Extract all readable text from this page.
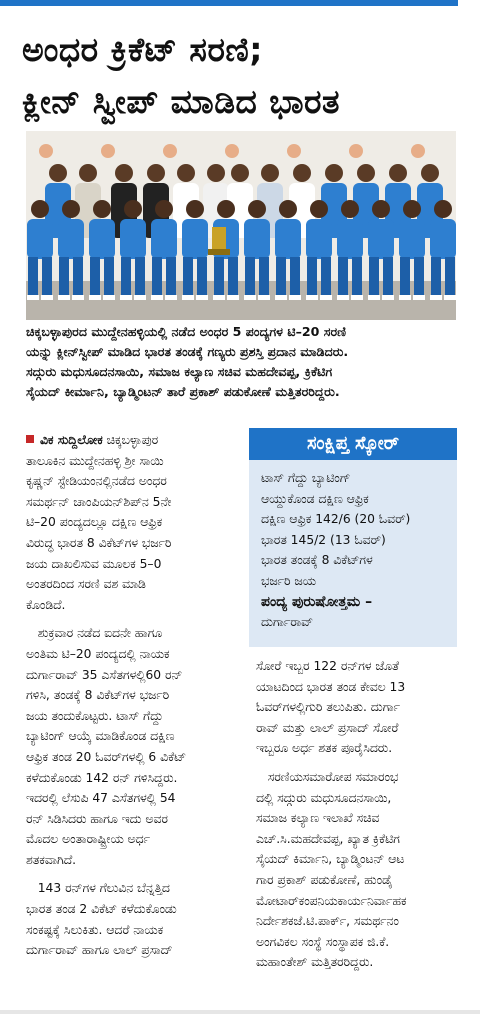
ಅಂಧರ ಕ್ರಿಕೆಟ್ ಸರಣಿ;
ಕ್ಲೀನ್ ಸ್ವೀಪ್ ಮಾಡಿದ ಭಾರತ
ಚಿಕ್ಕಬಳ್ಳಾಪುರದ ಮುದ್ದೇನಹಳ್ಳಿಯಲ್ಲಿ ನಡೆದ ಅಂಧರ 5 ಪಂದ್ಯಗಳ ಟಿ–20 ಸರಣಿ
ಯನ್ನು ಕ್ಲೀನ್‌ಸ್ವೀಪ್ ಮಾಡಿದ ಭಾರತ ತಂಡಕ್ಕೆ ಗಣ್ಯರು ಪ್ರಶಸ್ತಿ ಪ್ರದಾನ ಮಾಡಿದರು.
ಸದ್ಗುರು ಮಧುಸೂದನಸಾಯಿ, ಸಮಾಜ ಕಲ್ಯಾಣ ಸಚಿವ ಮಹದೇವಪ್ಪ, ಕ್ರಿಕೆಟಿಗ
ಸೈಯದ್ ಕೀರ್ಮಾನಿ, ಬ್ಯಾಡ್ಮಿಂಟನ್ ತಾರೆ ಪ್ರಕಾಶ್ ಪಡುಕೋಣೆ ಮತ್ತಿತರರಿದ್ದರು.

ವಿಕ ಸುದ್ದಿಲೋಕ ಚಿಕ್ಕಬಳ್ಳಾಪುರ
ತಾಲೂಕಿನ ಮುದ್ದೇನಹಳ್ಳಿ ಶ್ರೀ ಸಾಯಿ
ಕೃಷ್ಣನ್ ಸ್ಟೇಡಿಯಂನಲ್ಲಿನಡೆದ ಅಂಧರ
ಸಮರ್ಥನ್ ಚಾಂಪಿಯನ್‌ಶಿಪ್‌ನ 5ನೇ
ಟಿ–20 ಪಂದ್ಯದಲ್ಲೂ ದಕ್ಷಿಣ ಆಫ್ರಿಕ
ವಿರುದ್ಧ ಭಾರತ 8 ವಿಕೆಟ್‌ಗಳ ಭರ್ಜರಿ
ಜಯ ದಾಖಲಿಸುವ ಮೂಲಕ 5–0
ಅಂತರದಿಂದ ಸರಣಿ ವಶ ಮಾಡಿ
ಕೊಂಡಿದೆ.

ಶುಕ್ರವಾರ ನಡೆದ ಐದನೇ ಹಾಗೂ
ಅಂತಿಮ ಟಿ–20 ಪಂದ್ಯದಲ್ಲಿ ನಾಯಕ
ದುರ್ಗಾರಾವ್ 35 ಎಸೆತಗಳಲ್ಲಿ60 ರನ್
ಗಳಿಸಿ, ತಂಡಕ್ಕೆ 8 ವಿಕೆಟ್‌ಗಳ ಭರ್ಜರಿ
ಜಯ ತಂದುಕೊಟ್ಟರು. ಟಾಸ್ ಗೆದ್ದು
ಬ್ಯಾಟಿಂಗ್ ಆಯ್ಕೆ ಮಾಡಿಕೊಂಡ ದಕ್ಷಿಣ
ಆಫ್ರಿಕ ತಂಡ 20 ಓವರ್‌ಗಳಲ್ಲಿ 6 ವಿಕೆಟ್
ಕಳೆದುಕೊಂಡು 142 ರನ್ ಗಳಿಸಿದ್ದರು.
ಇದರಲ್ಲಿ ಲೆಸುಪಿ 47 ಎಸೆತಗಳಲ್ಲಿ 54
ರನ್ ಸಿಡಿಸಿದರು ಹಾಗೂ ಇದು ಅವರ
ಮೊದಲ ಅಂತಾರಾಷ್ಟ್ರೀಯ ಅರ್ಧ
ಶತಕವಾಗಿದೆ.

143 ರನ್‌ಗಳ ಗೆಲುವಿನ ಬೆನ್ನತ್ತಿದ
ಭಾರತ ತಂಡ 2 ವಿಕೆಟ್ ಕಳೆದುಕೊಂಡು
ಸಂಕಷ್ಟಕ್ಕೆ ಸಿಲುಕಿತು. ಆದರೆ ನಾಯಕ
ದುರ್ಗಾರಾವ್ ಹಾಗೂ ಲಾಲ್ ಪ್ರಸಾದ್

ಸಂಕ್ಷಿಪ್ತ ಸ್ಕೋರ್
ಟಾಸ್ ಗೆದ್ದು ಬ್ಯಾಟಿಂಗ್
ಆಯ್ದುಕೊಂಡ ದಕ್ಷಿಣ ಆಫ್ರಿಕ
ದಕ್ಷಿಣ ಆಫ್ರಿಕ 142/6 (20 ಓವರ್)
ಭಾರತ 145/2 (13 ಓವರ್)
ಭಾರತ ತಂಡಕ್ಕೆ 8 ವಿಕೆಟ್‌ಗಳ
ಭರ್ಜರಿ ಜಯ
ಪಂದ್ಯ ಪುರುಷೋತ್ತಮ –
ದುರ್ಗಾರಾವ್

ಸೋರೆ ಇಬ್ಬರ 122 ರನ್‌ಗಳ ಜೊತೆ
ಯಾಟದಿಂದ ಭಾರತ ತಂಡ ಕೇವಲ 13
ಓವರ್‌ಗಳಲ್ಲಿಗುರಿ ತಲುಪಿತು. ದುರ್ಗಾ
ರಾವ್ ಮತ್ತು ಲಾಲ್ ಪ್ರಸಾದ್ ಸೋರೆ
ಇಬ್ಬರೂ ಅರ್ಧ ಶತಕ ಪೂರೈಸಿದರು.

ಸರಣಿಯಸಮಾರೋಪ ಸಮಾರಂಭ
ದಲ್ಲಿ ಸದ್ಗುರು ಮಧುಸೂದನಸಾಯಿ,
ಸಮಾಜ ಕಲ್ಯಾಣ ಇಲಾಖೆ ಸಚಿವ
ಎಚ್.ಸಿ.ಮಹದೇವಪ್ಪ, ಖ್ಯಾತ ಕ್ರಿಕೆಟಿಗ
ಸೈಯದ್ ಕಿರ್ಮಾನಿ, ಬ್ಯಾಡ್ಮಿಂಟನ್ ಆಟ
ಗಾರ ಪ್ರಕಾಶ್ ಪಡುಕೋಣೆ, ಹುಂಡೈ
ಮೋಟಾರ್‌ಕಂಪನಿಯಕಾರ್ಯನಿರ್ವಾಹಕ
ನಿರ್ದೇಶಕಜೆ.ಟಿ.ಪಾರ್ಕ್, ಸಮರ್ಥನಂ
ಅಂಗವಿಕಲ ಸಂಸ್ಥೆ ಸಂಸ್ಥಾಪಕ ಜಿ.ಕೆ.
ಮಹಾಂತೇಶ್ ಮತ್ತಿತರರಿದ್ದರು.
